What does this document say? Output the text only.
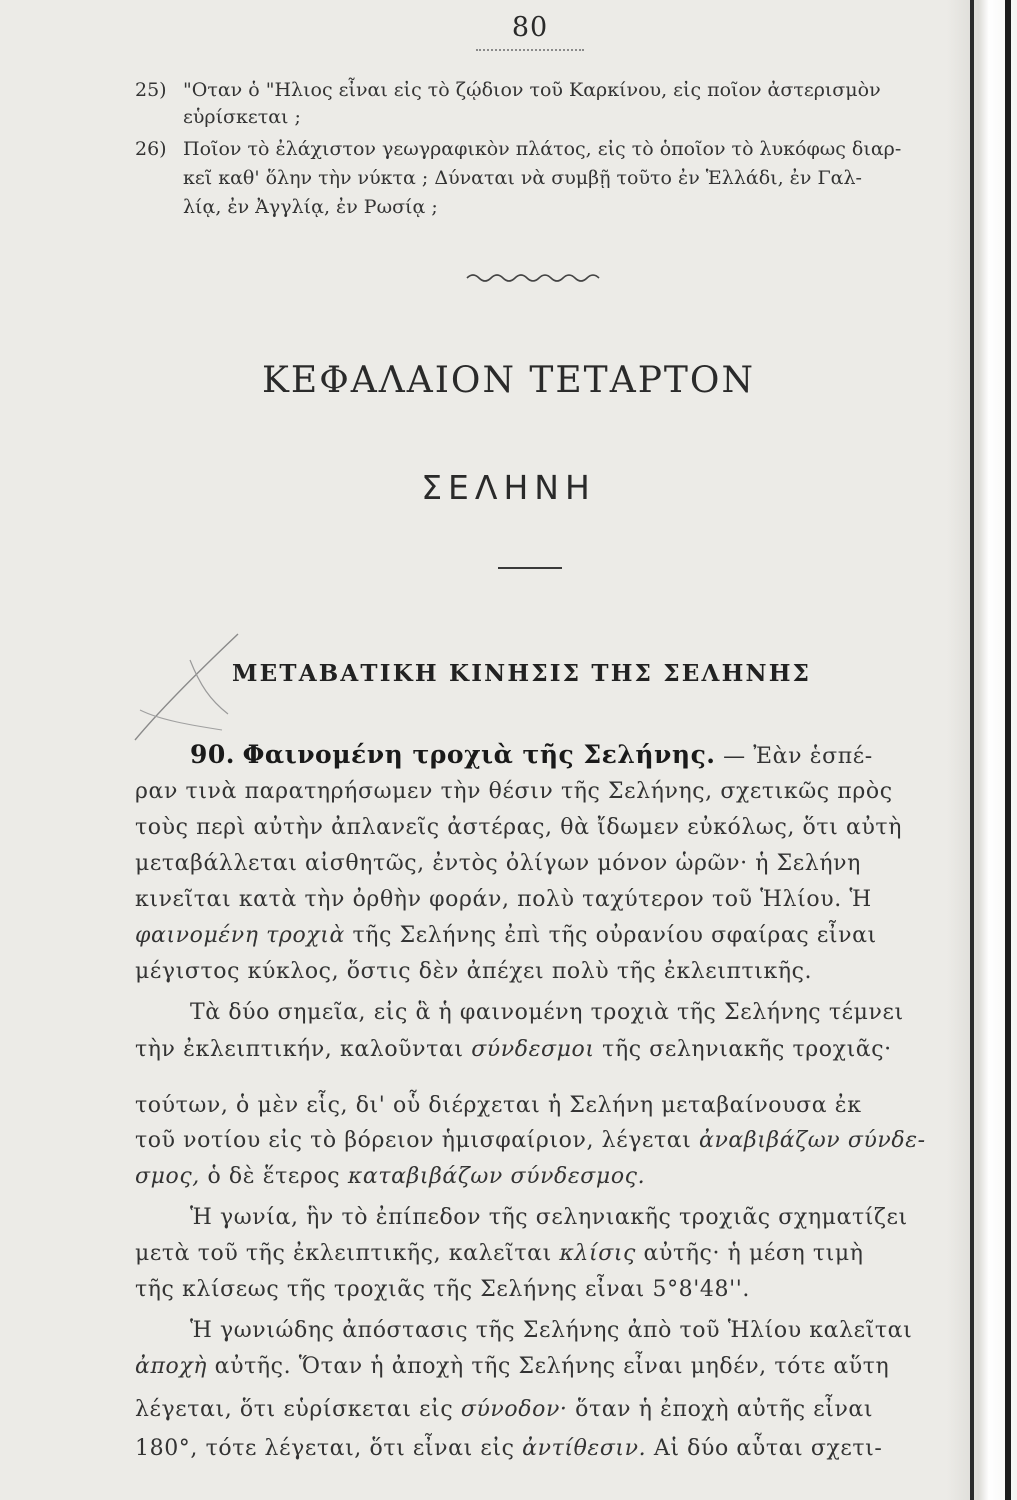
80
25) "Οταν ὁ "Ηλιος εἶναι εἰς τὸ ζῴδιον τοῦ Καρκίνου, εἰς ποῖον ἀστερισμὸν
εὑρίσκεται ;
26) Ποῖον τὸ ἐλάχιστον γεωγραφικὸν πλάτος, εἰς τὸ ὁποῖον τὸ λυκόφως διαρ-
κεῖ καθ' ὅλην τὴν νύκτα ; Δύναται νὰ συμβῇ τοῦτο ἐν Ἑλλάδι, ἐν Γαλ-
λίᾳ, ἐν Ἀγγλίᾳ, ἐν Ρωσίᾳ ;
ΚΕΦΑΛΑΙΟΝ ΤΕΤΑΡΤΟΝ
ΣΕΛΗΝΗ
ΜΕΤΑΒΑΤΙΚΗ ΚΙΝΗΣΙΣ ΤΗΣ ΣΕΛΗΝΗΣ
90. Φαινομένη τροχιὰ τῆς Σελήνης. — Ἐὰν ἑσπέ-
ραν τινὰ παρατηρήσωμεν τὴν θέσιν τῆς Σελήνης, σχετικῶς πρὸς
τοὺς περὶ αὐτὴν ἀπλανεῖς ἀστέρας, θὰ ἴδωμεν εὐκόλως, ὅτι αὐτὴ
μεταβάλλεται αἰσθητῶς, ἐντὸς ὀλίγων μόνον ὡρῶν· ἡ Σελήνη
κινεῖται κατὰ τὴν ὀρθὴν φοράν, πολὺ ταχύτερον τοῦ Ἡλίου. Ἡ
φαινομένη τροχιὰ τῆς Σελήνης ἐπὶ τῆς οὐρανίου σφαίρας εἶναι
μέγιστος κύκλος, ὅστις δὲν ἀπέχει πολὺ τῆς ἐκλειπτικῆς.
Τὰ δύο σημεῖα, εἰς ἃ ἡ φαινομένη τροχιὰ τῆς Σελήνης τέμνει
τὴν ἐκλειπτικήν, καλοῦνται σύνδεσμοι τῆς σεληνιακῆς τροχιᾶς·
τούτων, ὁ μὲν εἷς, δι' οὗ διέρχεται ἡ Σελήνη μεταβαίνουσα ἐκ
τοῦ νοτίου εἰς τὸ βόρειον ἡμισφαίριον, λέγεται ἀναβιβάζων σύνδε-
σμος, ὁ δὲ ἕτερος καταβιβάζων σύνδεσμος.
Ἡ γωνία, ἣν τὸ ἐπίπεδον τῆς σεληνιακῆς τροχιᾶς σχηματίζει
μετὰ τοῦ τῆς ἐκλειπτικῆς, καλεῖται κλίσις αὐτῆς· ἡ μέση τιμὴ
τῆς κλίσεως τῆς τροχιᾶς τῆς Σελήνης εἶναι 5°8'48''.
Ἡ γωνιώδης ἀπόστασις τῆς Σελήνης ἀπὸ τοῦ Ἡλίου καλεῖται
ἀποχὴ αὐτῆς. Ὅταν ἡ ἀποχὴ τῆς Σελήνης εἶναι μηδέν, τότε αὕτη
λέγεται, ὅτι εὑρίσκεται εἰς σύνοδον· ὅταν ἡ ἐποχὴ αὐτῆς εἶναι
180°, τότε λέγεται, ὅτι εἶναι εἰς ἀντίθεσιν. Αἱ δύο αὗται σχετι-
